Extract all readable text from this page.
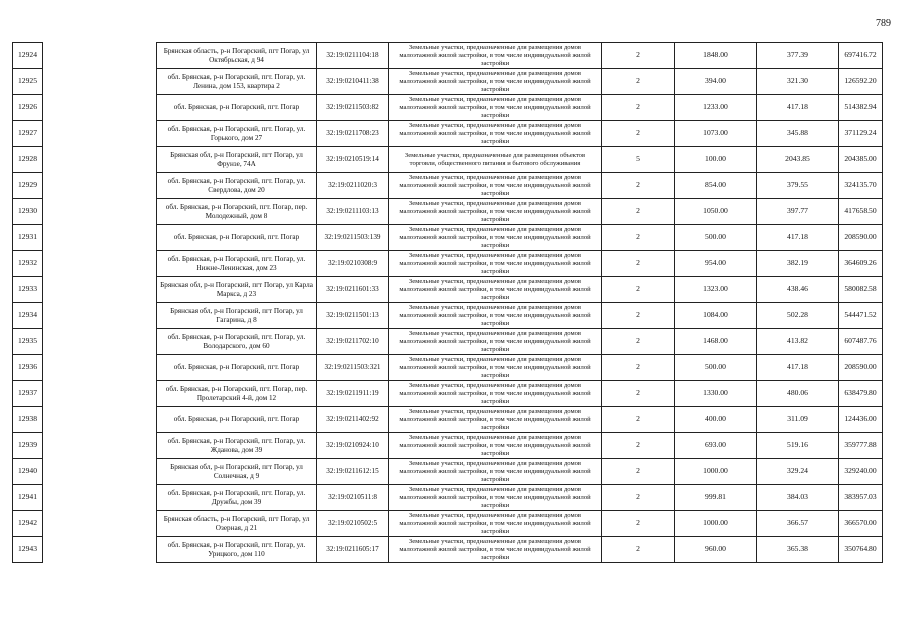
789
12924		Брянская область, р-н Погарский, пгт Погар, ул Октябрьская, д 94	32:19:0211104:18	Земельные участки, предназначенные для размещения домов малоэтажной жилой застройки, в том числе индивидуальной жилой застройки	2	1848.00	377.39	697416.72
12925		обл. Брянская, р-н Погарский, пгт. Погар, ул. Ленина, дом 153, квартира 2	32:19:0210411:38	Земельные участки, предназначенные для размещения домов малоэтажной жилой застройки, в том числе индивидуальной жилой застройки	2	394.00	321.30	126592.20
12926		обл. Брянская, р-н Погарский, пгт. Погар	32:19:0211503:82	Земельные участки, предназначенные для размещения домов малоэтажной жилой застройки, в том числе индивидуальной жилой застройки	2	1233.00	417.18	514382.94
12927		обл. Брянская, р-н Погарский, пгт. Погар, ул. Горького, дом 27	32:19:0211708:23	Земельные участки, предназначенные для размещения домов малоэтажной жилой застройки, в том числе индивидуальной жилой застройки	2	1073.00	345.88	371129.24
12928		Брянская обл, р-н Погарский, пгт Погар, ул Фрунзе, 74А	32:19:0210519:14	Земельные участки, предназначенные для размещения объектов торговли, общественного питания и бытового обслуживания	5	100.00	2043.85	204385.00
12929		обл. Брянская, р-н Погарский, пгт. Погар, ул. Свердлова, дом 20	32:19:0211020:3	Земельные участки, предназначенные для размещения домов малоэтажной жилой застройки, в том числе индивидуальной жилой застройки	2	854.00	379.55	324135.70
12930		обл. Брянская, р-н Погарский, пгт. Погар, пер. Молодежный, дом 8	32:19:0211103:13	Земельные участки, предназначенные для размещения домов малоэтажной жилой застройки, в том числе индивидуальной жилой застройки	2	1050.00	397.77	417658.50
12931		обл. Брянская, р-н Погарский, пгт. Погар	32:19:0211503:139	Земельные участки, предназначенные для размещения домов малоэтажной жилой застройки, в том числе индивидуальной жилой застройки	2	500.00	417.18	208590.00
12932		обл. Брянская, р-н Погарский, пгт. Погар, ул. Нижне-Ленинская, дом 23	32:19:0210308:9	Земельные участки, предназначенные для размещения домов малоэтажной жилой застройки, в том числе индивидуальной жилой застройки	2	954.00	382.19	364609.26
12933		Брянская обл, р-н Погарский, пгт Погар, ул Карла Маркса, д 23	32:19:0211601:33	Земельные участки, предназначенные для размещения домов малоэтажной жилой застройки, в том числе индивидуальной жилой застройки	2	1323.00	438.46	580082.58
12934		Брянская обл, р-н Погарский, пгт Погар, ул Гагарина, д 8	32:19:0211501:13	Земельные участки, предназначенные для размещения домов малоэтажной жилой застройки, в том числе индивидуальной жилой застройки	2	1084.00	502.28	544471.52
12935		обл. Брянская, р-н Погарский, пгт. Погар, ул. Володарского, дом 60	32:19:0211702:10	Земельные участки, предназначенные для размещения домов малоэтажной жилой застройки, в том числе индивидуальной жилой застройки	2	1468.00	413.82	607487.76
12936		обл. Брянская, р-н Погарский, пгт. Погар	32:19:0211503:321	Земельные участки, предназначенные для размещения домов малоэтажной жилой застройки, в том числе индивидуальной жилой застройки	2	500.00	417.18	208590.00
12937		обл. Брянская, р-н Погарский, пгт. Погар, пер. Пролетарский 4-й, дом 12	32:19:0211911:19	Земельные участки, предназначенные для размещения домов малоэтажной жилой застройки, в том числе индивидуальной жилой застройки	2	1330.00	480.06	638479.80
12938		обл. Брянская, р-н Погарский, пгт. Погар	32:19:0211402:92	Земельные участки, предназначенные для размещения домов малоэтажной жилой застройки, в том числе индивидуальной жилой застройки	2	400.00	311.09	124436.00
12939		обл. Брянская, р-н Погарский, пгт. Погар, ул. Жданова, дом 39	32:19:0210924:10	Земельные участки, предназначенные для размещения домов малоэтажной жилой застройки, в том числе индивидуальной жилой застройки	2	693.00	519.16	359777.88
12940		Брянская обл, р-н Погарский, пгт Погар, ул Солнечная, д 9	32:19:0211612:15	Земельные участки, предназначенные для размещения домов малоэтажной жилой застройки, в том числе индивидуальной жилой застройки	2	1000.00	329.24	329240.00
12941		обл. Брянская, р-н Погарский, пгт. Погар, ул. Дружбы, дом 39	32:19:0210511:8	Земельные участки, предназначенные для размещения домов малоэтажной жилой застройки, в том числе индивидуальной жилой застройки	2	999.81	384.03	383957.03
12942		Брянская область, р-н Погарский, пгт Погар, ул Озерная, д 21	32:19:0210502:5	Земельные участки, предназначенные для размещения домов малоэтажной жилой застройки, в том числе индивидуальной жилой застройки	2	1000.00	366.57	366570.00
12943		обл. Брянская, р-н Погарский, пгт. Погар, ул. Урицкого, дом 110	32:19:0211605:17	Земельные участки, предназначенные для размещения домов малоэтажной жилой застройки, в том числе индивидуальной жилой застройки	2	960.00	365.38	350764.80
